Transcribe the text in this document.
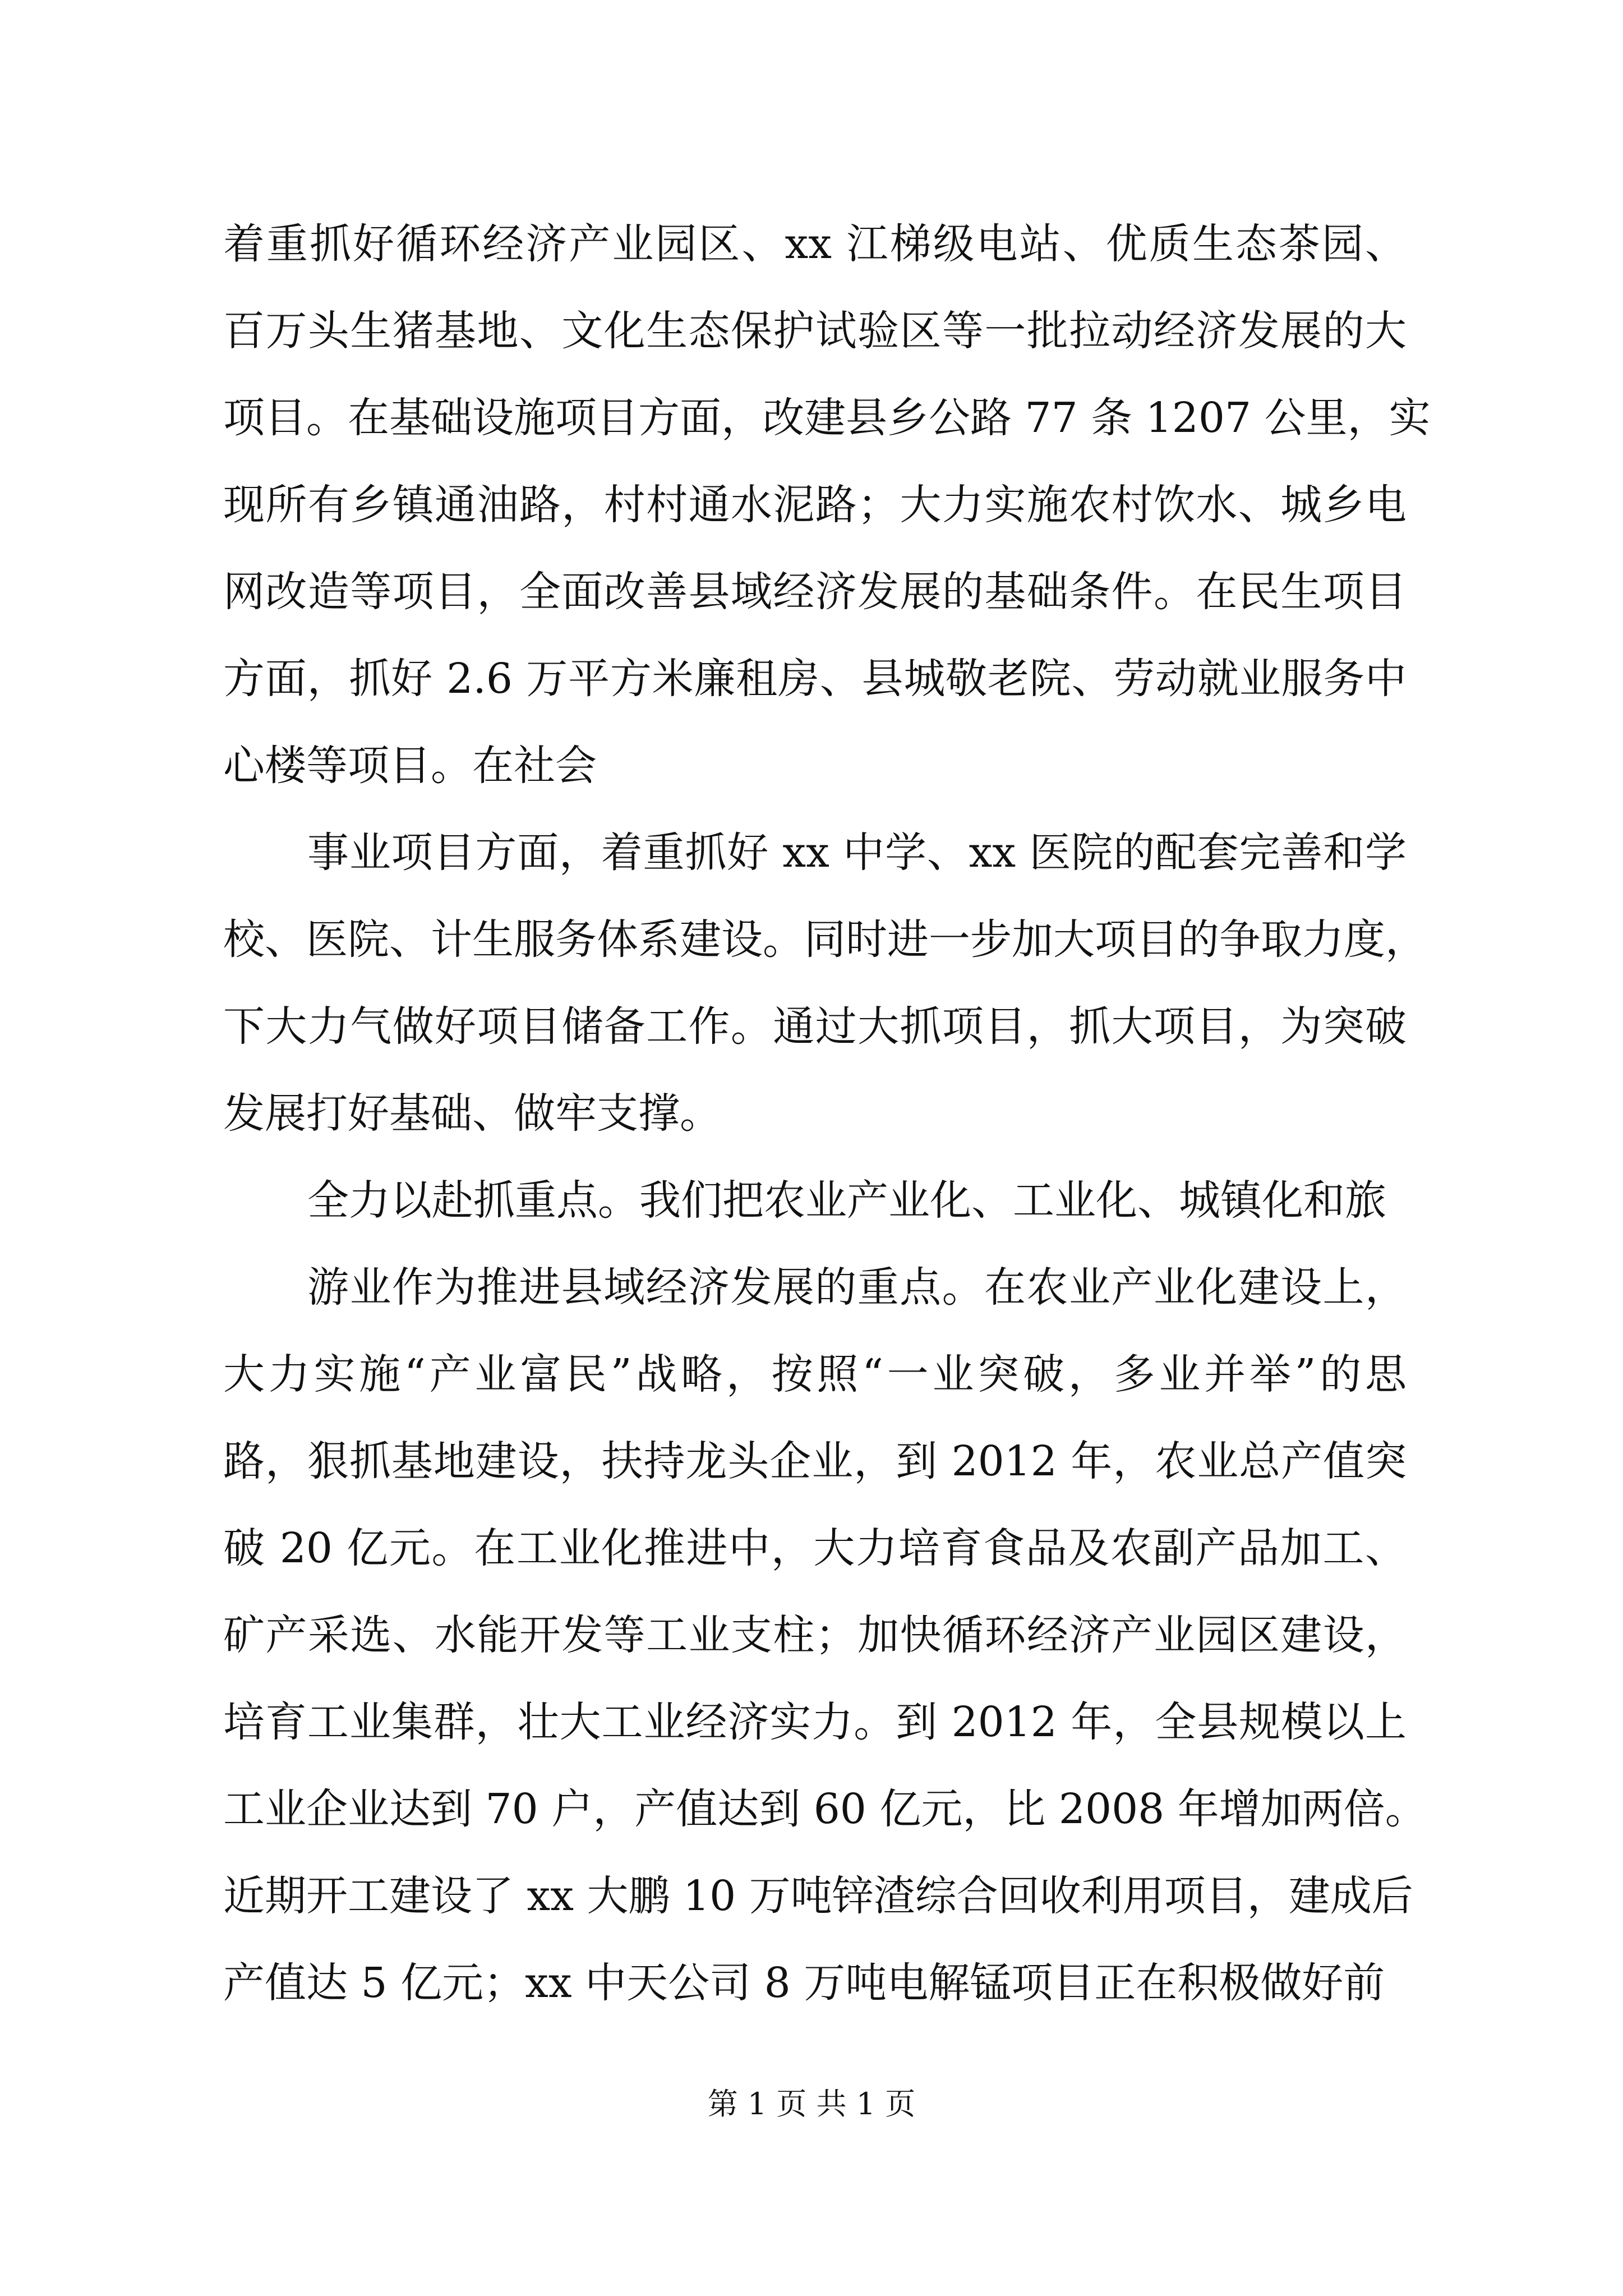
着重抓好循环经济产业园区、xx 江梯级电站、优质生态茶园、
百万头生猪基地、文化生态保护试验区等一批拉动经济发展的大
项目。在基础设施项目方面，改建县乡公路 77 条 1207 公里，实
现所有乡镇通油路，村村通水泥路；大力实施农村饮水、城乡电
网改造等项目，全面改善县域经济发展的基础条件。在民生项目
方面，抓好 2.6 万平方米廉租房、县城敬老院、劳动就业服务中
心楼等项目。在社会
事业项目方面，着重抓好 xx 中学、xx 医院的配套完善和学
校、医院、计生服务体系建设。同时进一步加大项目的争取力度，
下大力气做好项目储备工作。通过大抓项目，抓大项目，为突破
发展打好基础、做牢支撑。
全力以赴抓重点。我们把农业产业化、工业化、城镇化和旅
游业作为推进县域经济发展的重点。在农业产业化建设上，
大力实施“产业富民”战略，按照“一业突破，多业并举”的思
路，狠抓基地建设，扶持龙头企业，到 2012 年，农业总产值突
破 20 亿元。在工业化推进中，大力培育食品及农副产品加工、
矿产采选、水能开发等工业支柱；加快循环经济产业园区建设，
培育工业集群，壮大工业经济实力。到 2012 年，全县规模以上
工业企业达到 70 户，产值达到 60 亿元，比 2008 年增加两倍。
近期开工建设了 xx 大鹏 10 万吨锌渣综合回收利用项目，建成后
产值达 5 亿元；xx 中天公司 8 万吨电解锰项目正在积极做好前
第 1 页 共 1 页
